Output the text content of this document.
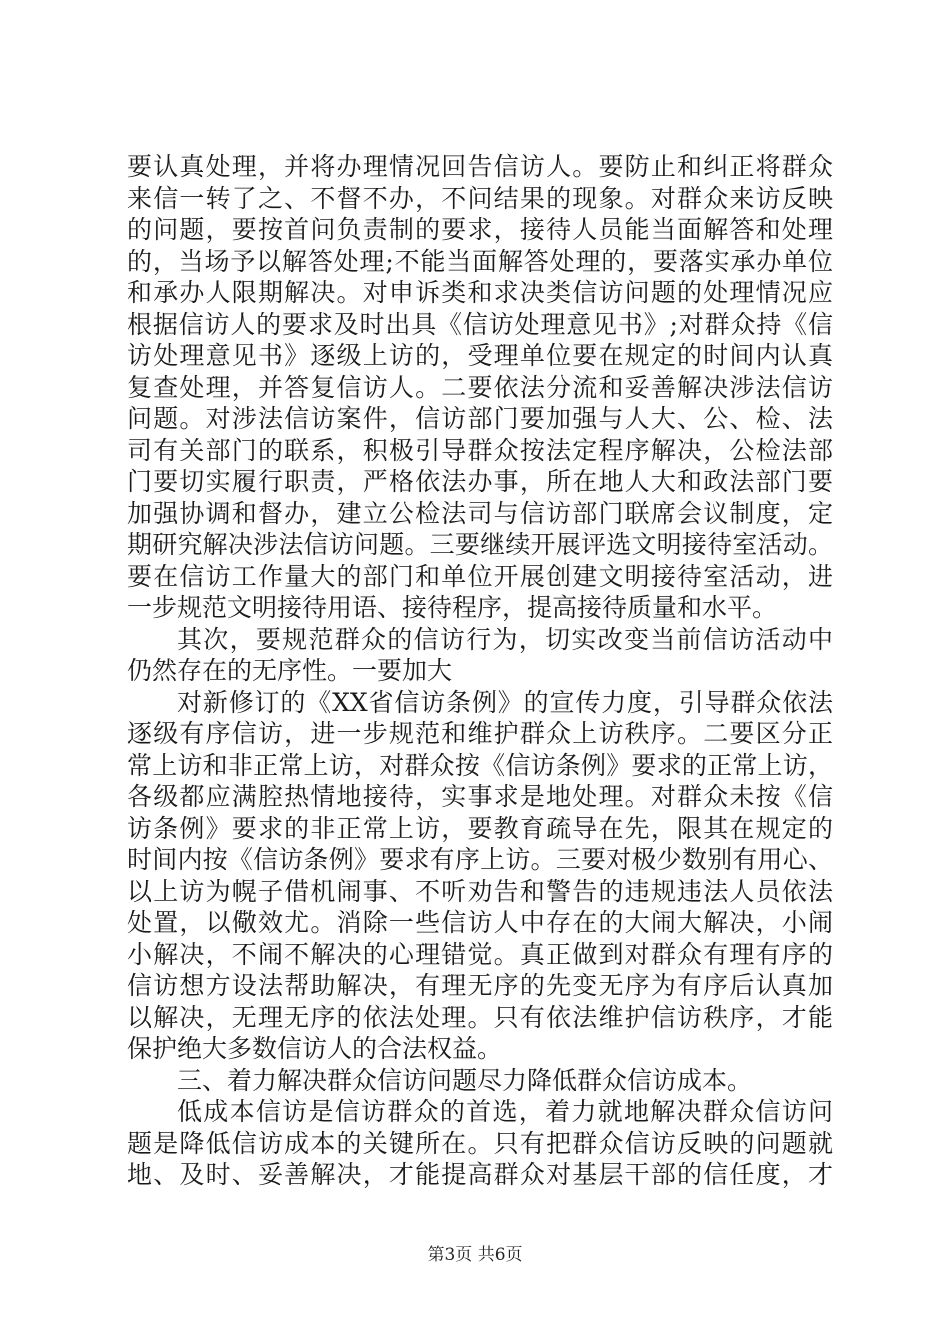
要认真处理，并将办理情况回告信访人。要防止和纠正将群众
来信一转了之、不督不办，不问结果的现象。对群众来访反映
的问题，要按首问负责制的要求，接待人员能当面解答和处理
的，当场予以解答处理;不能当面解答处理的，要落实承办单位
和承办人限期解决。对申诉类和求决类信访问题的处理情况应
根据信访人的要求及时出具《信访处理意见书》;对群众持《信
访处理意见书》逐级上访的，受理单位要在规定的时间内认真
复查处理，并答复信访人。二要依法分流和妥善解决涉法信访
问题。对涉法信访案件，信访部门要加强与人大、公、检、法
司有关部门的联系，积极引导群众按法定程序解决，公检法部
门要切实履行职责，严格依法办事，所在地人大和政法部门要
加强协调和督办，建立公检法司与信访部门联席会议制度，定
期研究解决涉法信访问题。三要继续开展评选文明接待室活动。
要在信访工作量大的部门和单位开展创建文明接待室活动，进
一步规范文明接待用语、接待程序，提高接待质量和水平。
其次，要规范群众的信访行为，切实改变当前信访活动中
仍然存在的无序性。一要加大
对新修订的《XX省信访条例》的宣传力度，引导群众依法
逐级有序信访，进一步规范和维护群众上访秩序。二要区分正
常上访和非正常上访，对群众按《信访条例》要求的正常上访，
各级都应满腔热情地接待，实事求是地处理。对群众未按《信
访条例》要求的非正常上访，要教育疏导在先，限其在规定的
时间内按《信访条例》要求有序上访。三要对极少数别有用心、
以上访为幌子借机闹事、不听劝告和警告的违规违法人员依法
处置，以儆效尤。消除一些信访人中存在的大闹大解决，小闹
小解决，不闹不解决的心理错觉。真正做到对群众有理有序的
信访想方设法帮助解决，有理无序的先变无序为有序后认真加
以解决，无理无序的依法处理。只有依法维护信访秩序，才能
保护绝大多数信访人的合法权益。
三、着力解决群众信访问题尽力降低群众信访成本。
低成本信访是信访群众的首选，着力就地解决群众信访问
题是降低信访成本的关键所在。只有把群众信访反映的问题就
地、及时、妥善解决，才能提高群众对基层干部的信任度，才
第3页 共6页
